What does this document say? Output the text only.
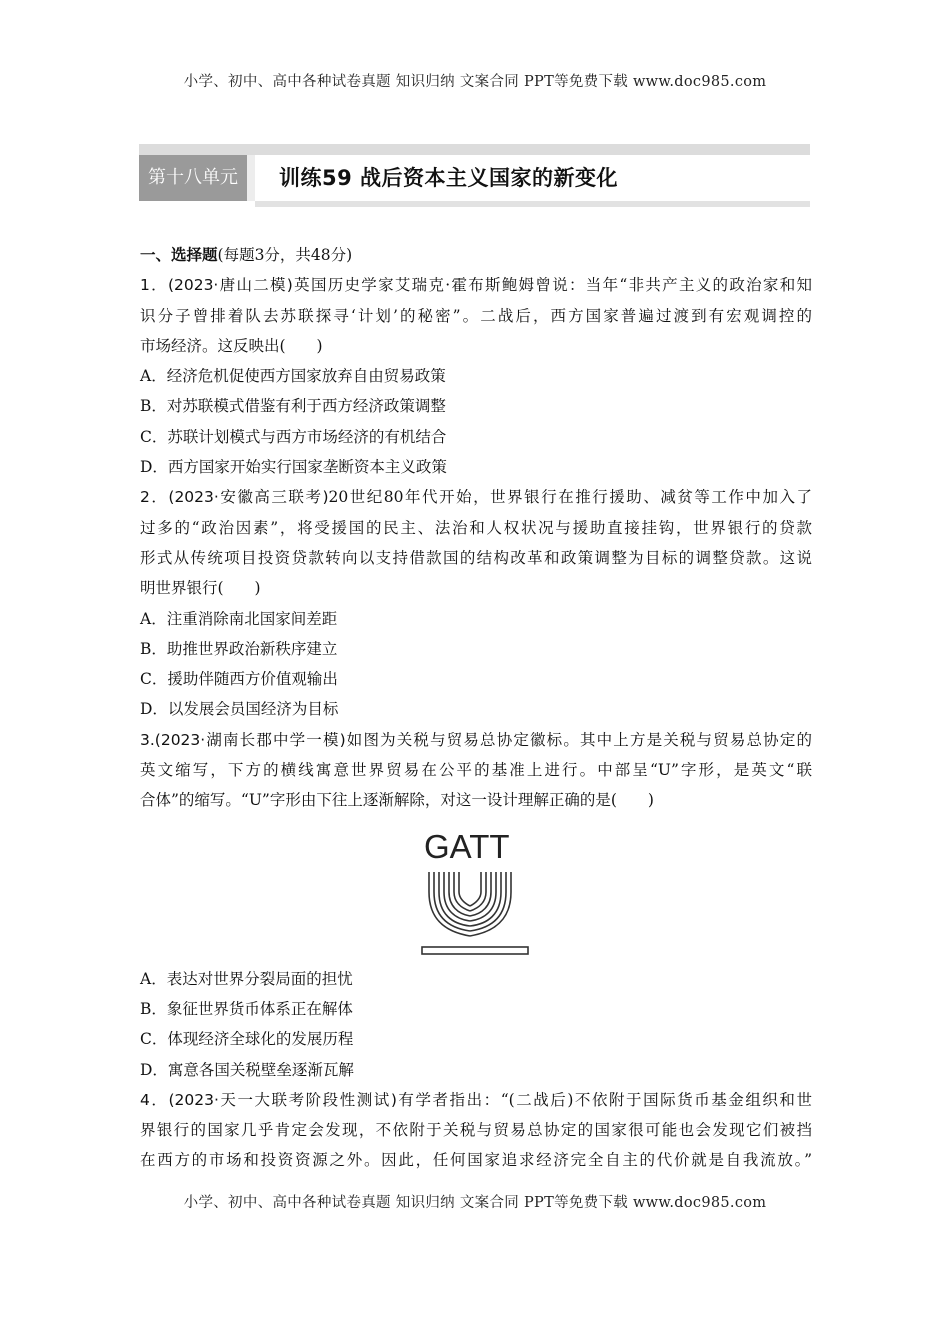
小学、初中、高中各种试卷真题 知识归纳 文案合同 PPT等免费下载 www.doc985.com
第十八单元	训练59 战后资本主义国家的新变化
一、选择题(每题3分，共48分)
1．(2023·唐山二模)英国历史学家艾瑞克·霍布斯鲍姆曾说：当年“非共产主义的政治家和知
识分子曾排着队去苏联探寻‘计划’的秘密”。二战后，西方国家普遍过渡到有宏观调控的
市场经济。这反映出(　　)
A．经济危机促使西方国家放弃自由贸易政策
B．对苏联模式借鉴有利于西方经济政策调整
C．苏联计划模式与西方市场经济的有机结合
D．西方国家开始实行国家垄断资本主义政策
2．(2023·安徽高三联考)20世纪80年代开始，世界银行在推行援助、减贫等工作中加入了
过多的“政治因素”，将受援国的民主、法治和人权状况与援助直接挂钩，世界银行的贷款
形式从传统项目投资贷款转向以支持借款国的结构改革和政策调整为目标的调整贷款。这说
明世界银行(　　)
A．注重消除南北国家间差距
B．助推世界政治新秩序建立
C．援助伴随西方价值观输出
D．以发展会员国经济为目标
3.(2023·湖南长郡中学一模)如图为关税与贸易总协定徽标。其中上方是关税与贸易总协定的
英文缩写，下方的横线寓意世界贸易在公平的基准上进行。中部呈“U”字形，是英文“联
合体”的缩写。“U”字形由下往上逐渐解除，对这一设计理解正确的是(　　)
GATT
A．表达对世界分裂局面的担忧
B．象征世界货币体系正在解体
C．体现经济全球化的发展历程
D．寓意各国关税壁垒逐渐瓦解
4．(2023·天一大联考阶段性测试)有学者指出：“(二战后)不依附于国际货币基金组织和世
界银行的国家几乎肯定会发现，不依附于关税与贸易总协定的国家很可能也会发现它们被挡
在西方的市场和投资资源之外。因此，任何国家追求经济完全自主的代价就是自我流放。”
小学、初中、高中各种试卷真题 知识归纳 文案合同 PPT等免费下载 www.doc985.com
